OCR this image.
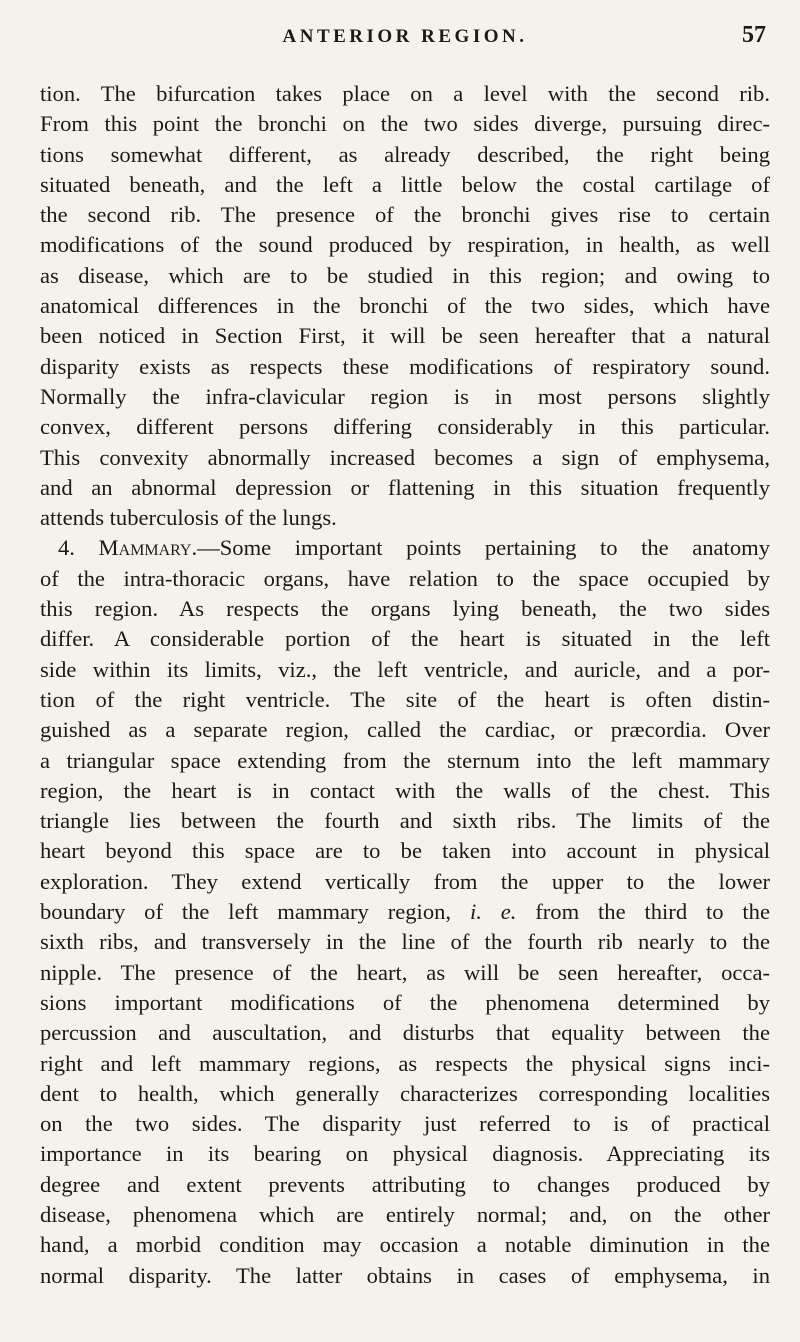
ANTERIOR REGION.	57
tion. The bifurcation takes place on a level with the second rib.
From this point the bronchi on the two sides diverge, pursuing direc-
tions somewhat different, as already described, the right being
situated beneath, and the left a little below the costal cartilage of
the second rib. The presence of the bronchi gives rise to certain
modifications of the sound produced by respiration, in health, as well
as disease, which are to be studied in this region; and owing to
anatomical differences in the bronchi of the two sides, which have
been noticed in Section First, it will be seen hereafter that a natural
disparity exists as respects these modifications of respiratory sound.
Normally the infra-clavicular region is in most persons slightly
convex, different persons differing considerably in this particular.
This convexity abnormally increased becomes a sign of emphysema,
and an abnormal depression or flattening in this situation frequently
attends tuberculosis of the lungs.
4. Mammary.—Some important points pertaining to the anatomy
of the intra-thoracic organs, have relation to the space occupied by
this region. As respects the organs lying beneath, the two sides
differ. A considerable portion of the heart is situated in the left
side within its limits, viz., the left ventricle, and auricle, and a por-
tion of the right ventricle. The site of the heart is often distin-
guished as a separate region, called the cardiac, or præcordia. Over
a triangular space extending from the sternum into the left mammary
region, the heart is in contact with the walls of the chest. This
triangle lies between the fourth and sixth ribs. The limits of the
heart beyond this space are to be taken into account in physical
exploration. They extend vertically from the upper to the lower
boundary of the left mammary region, i. e. from the third to the
sixth ribs, and transversely in the line of the fourth rib nearly to the
nipple. The presence of the heart, as will be seen hereafter, occa-
sions important modifications of the phenomena determined by
percussion and auscultation, and disturbs that equality between the
right and left mammary regions, as respects the physical signs inci-
dent to health, which generally characterizes corresponding localities
on the two sides. The disparity just referred to is of practical
importance in its bearing on physical diagnosis. Appreciating its
degree and extent prevents attributing to changes produced by
disease, phenomena which are entirely normal; and, on the other
hand, a morbid condition may occasion a notable diminution in the
normal disparity. The latter obtains in cases of emphysema, in
